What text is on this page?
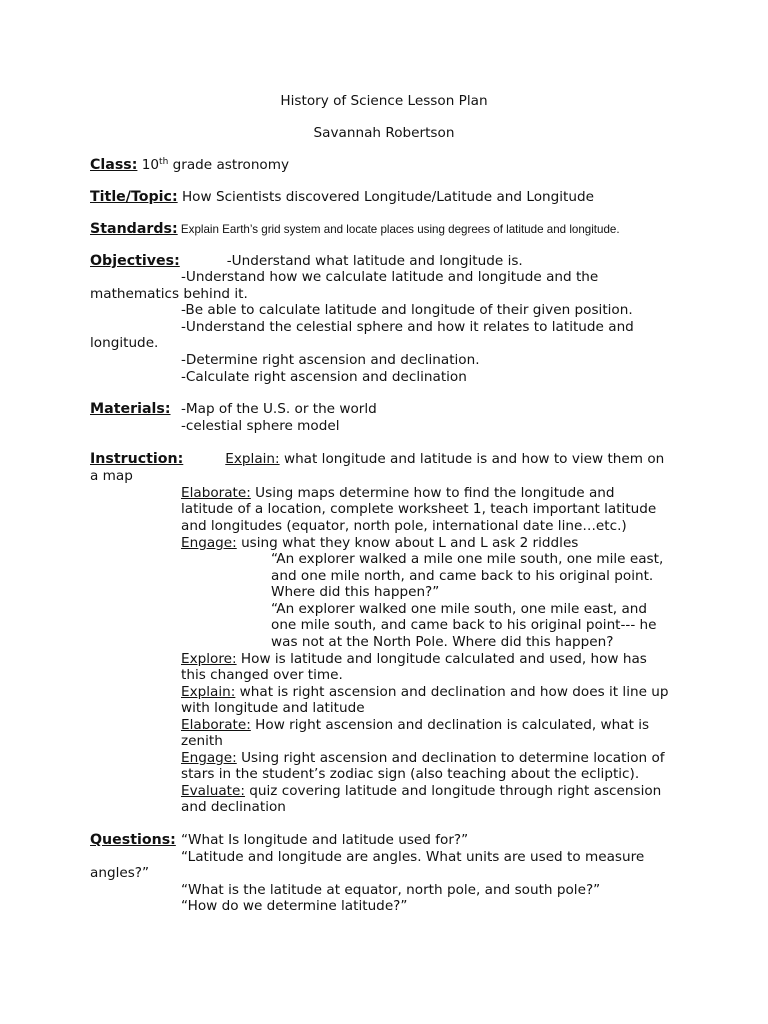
History of Science Lesson Plan
Savannah Robertson
Class: 10th grade astronomy
Title/Topic: How Scientists discovered Longitude/Latitude and Longitude
Standards: Explain Earth’s grid system and locate places using degrees of latitude and longitude.
Objectives:	-Understand what latitude and longitude is.
-Understand how we calculate latitude and longitude and the
mathematics behind it.
-Be able to calculate latitude and longitude of their given position.
-Understand the celestial sphere and how it relates to latitude and
longitude.
-Determine right ascension and declination.
-Calculate right ascension and declination
Materials: -Map of the U.S. or the world
-celestial sphere model
Instruction:	Explain: what longitude and latitude is and how to view them on
a map
Elaborate: Using maps determine how to find the longitude and
latitude of a location, complete worksheet 1, teach important latitude
and longitudes (equator, north pole, international date line…etc.)
Engage: using what they know about L and L ask 2 riddles
“An explorer walked a mile one mile south, one mile east,
and one mile north, and came back to his original point.
Where did this happen?”
“An explorer walked one mile south, one mile east, and
one mile south, and came back to his original point--- he
was not at the North Pole. Where did this happen?
Explore: How is latitude and longitude calculated and used, how has
this changed over time.
Explain: what is right ascension and declination and how does it line up
with longitude and latitude
Elaborate: How right ascension and declination is calculated, what is
zenith
Engage: Using right ascension and declination to determine location of
stars in the student’s zodiac sign (also teaching about the ecliptic).
Evaluate: quiz covering latitude and longitude through right ascension
and declination
Questions: “What Is longitude and latitude used for?”
“Latitude and longitude are angles. What units are used to measure
angles?”
“What is the latitude at equator, north pole, and south pole?”
“How do we determine latitude?”
